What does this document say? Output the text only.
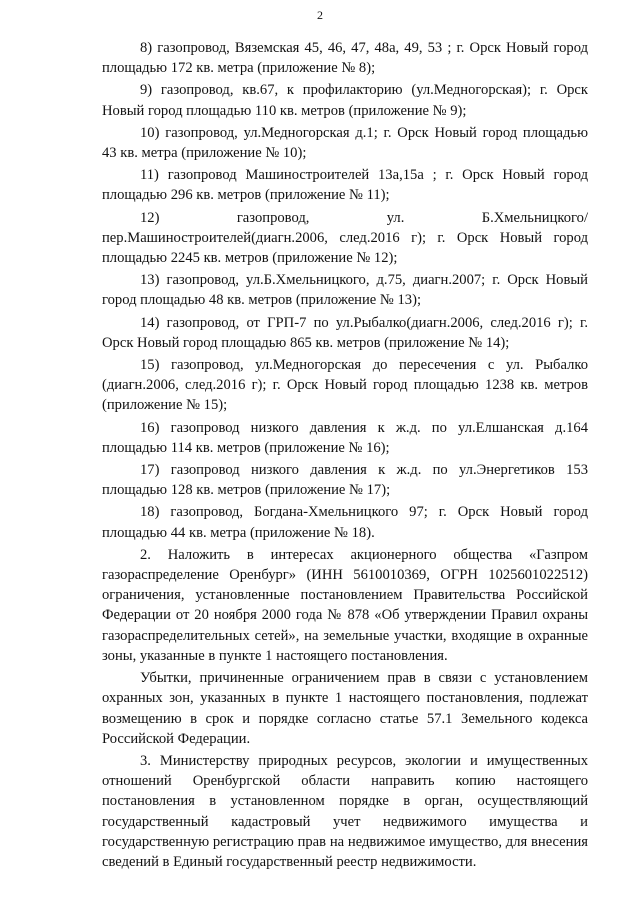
2

8) газопровод, Вяземская 45, 46, 47, 48а, 49, 53 ; г. Орск Новый город площадью 172 кв. метра (приложение № 8);

9) газопровод, кв.67, к профилакторию (ул.Медногорская); г. Орск Новый город площадью 110 кв. метров (приложение № 9);

10) газопровод, ул.Медногорская д.1; г. Орск Новый город площадью 43 кв. метра (приложение № 10);

11) газопровод Машиностроителей 13а,15а ; г. Орск Новый город площадью 296 кв. метров (приложение № 11);

12) газопровод, ул. Б.Хмельницкого/пер.Машиностроителей(диагн.2006, след.2016 г); г. Орск Новый город площадью 2245 кв. метров (приложение № 12);

13) газопровод, ул.Б.Хмельницкого, д.75, диагн.2007; г. Орск Новый город площадью 48 кв. метров (приложение № 13);

14) газопровод, от ГРП-7 по ул.Рыбалко(диагн.2006, след.2016 г); г. Орск Новый город площадью 865 кв. метров (приложение № 14);

15) газопровод, ул.Медногорская до пересечения с ул. Рыбалко (диагн.2006, след.2016 г); г. Орск Новый город площадью 1238 кв. метров (приложение № 15);

16) газопровод низкого давления к ж.д. по ул.Елшанская д.164 площадью 114 кв. метров (приложение № 16);

17) газопровод низкого давления к ж.д. по ул.Энергетиков 153 площадью 128 кв. метров (приложение № 17);

18) газопровод, Богдана-Хмельницкого 97; г. Орск Новый город площадью 44 кв. метра (приложение № 18).

2. Наложить в интересах акционерного общества «Газпром газораспределение Оренбург» (ИНН 5610010369, ОГРН 1025601022512) ограничения, установленные постановлением Правительства Российской Федерации от 20 ноября 2000 года № 878 «Об утверждении Правил охраны газораспределительных сетей», на земельные участки, входящие в охранные зоны, указанные в пункте 1 настоящего постановления.

Убытки, причиненные ограничением прав в связи с установлением охранных зон, указанных в пункте 1 настоящего постановления, подлежат возмещению в срок и порядке согласно статье 57.1 Земельного кодекса Российской Федерации.

3. Министерству природных ресурсов, экологии и имущественных отношений Оренбургской области направить копию настоящего постановления в установленном порядке в орган, осуществляющий государственный кадастровый учет недвижимого имущества и государственную регистрацию прав на недвижимое имущество, для внесения сведений в Единый государственный реестр недвижимости.
